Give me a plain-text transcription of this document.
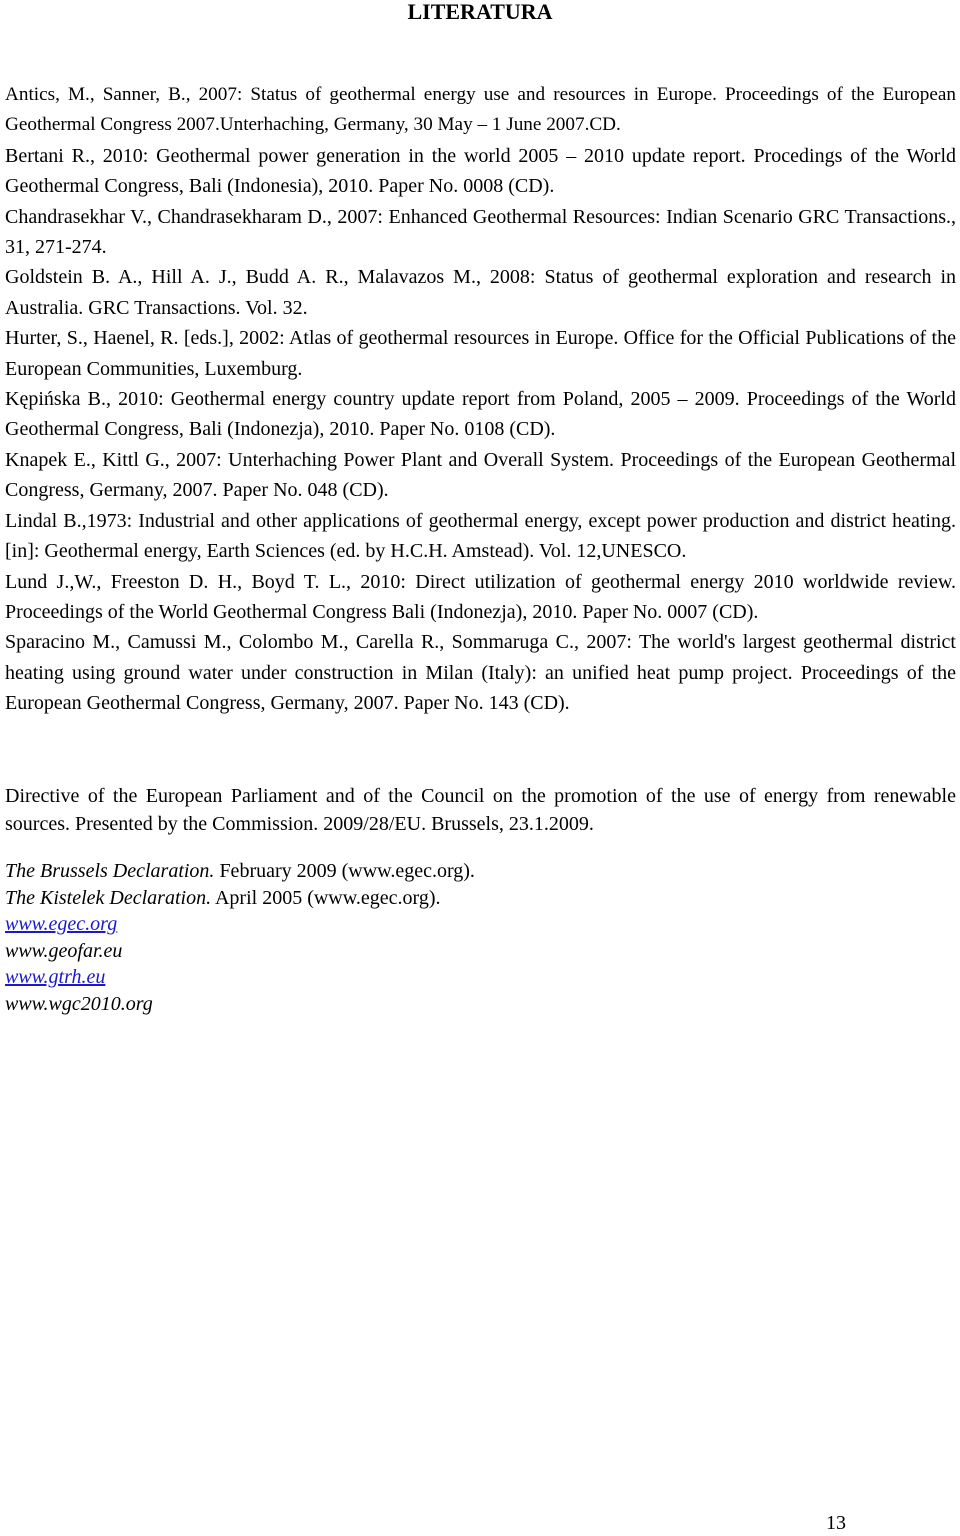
LITERATURA

Antics, M., Sanner, B., 2007: Status of geothermal energy use and resources in Europe. Proceedings of the European Geothermal Congress 2007.Unterhaching, Germany, 30 May – 1 June 2007.CD.

Bertani R., 2010: Geothermal power generation in the world 2005 – 2010 update report. Procedings of the World Geothermal Congress, Bali (Indonesia), 2010. Paper No. 0008 (CD).

Chandrasekhar V., Chandrasekharam D., 2007: Enhanced Geothermal Resources: Indian Scenario GRC Transactions., 31, 271-274.

Goldstein B. A., Hill A. J., Budd A. R., Malavazos M., 2008: Status of geothermal exploration and research in Australia. GRC Transactions. Vol. 32.

Hurter, S., Haenel, R. [eds.], 2002: Atlas of geothermal resources in Europe. Office for the Official Publications of the European Communities, Luxemburg.

Kępińska B., 2010: Geothermal energy country update report from Poland, 2005 – 2009. Proceedings of the World Geothermal Congress, Bali (Indonezja), 2010. Paper No. 0108 (CD).

Knapek E., Kittl G., 2007: Unterhaching Power Plant and Overall System. Proceedings of the European Geothermal Congress, Germany, 2007. Paper No. 048 (CD).

Lindal B.,1973: Industrial and other applications of geothermal energy, except power production and district heating. [in]: Geothermal energy, Earth Sciences (ed. by H.C.H. Amstead). Vol. 12,UNESCO.

Lund J.,W., Freeston D. H., Boyd T. L., 2010: Direct utilization of geothermal energy 2010 worldwide review. Proceedings of the World Geothermal Congress Bali (Indonezja), 2010. Paper No. 0007 (CD).

Sparacino M., Camussi M., Colombo M., Carella R., Sommaruga C., 2007: The world's largest geothermal district heating using ground water under construction in Milan (Italy): an unified heat pump project. Proceedings of the European Geothermal Congress, Germany, 2007. Paper No. 143 (CD).

Directive of the European Parliament and of the Council on the promotion of the use of energy from renewable sources. Presented by the Commission. 2009/28/EU. Brussels, 23.1.2009.

The Brussels Declaration. February 2009 (www.egec.org).
The Kistelek Declaration. April 2005 (www.egec.org).
www.egec.org
www.geofar.eu
www.gtrh.eu
www.wgc2010.org
13
